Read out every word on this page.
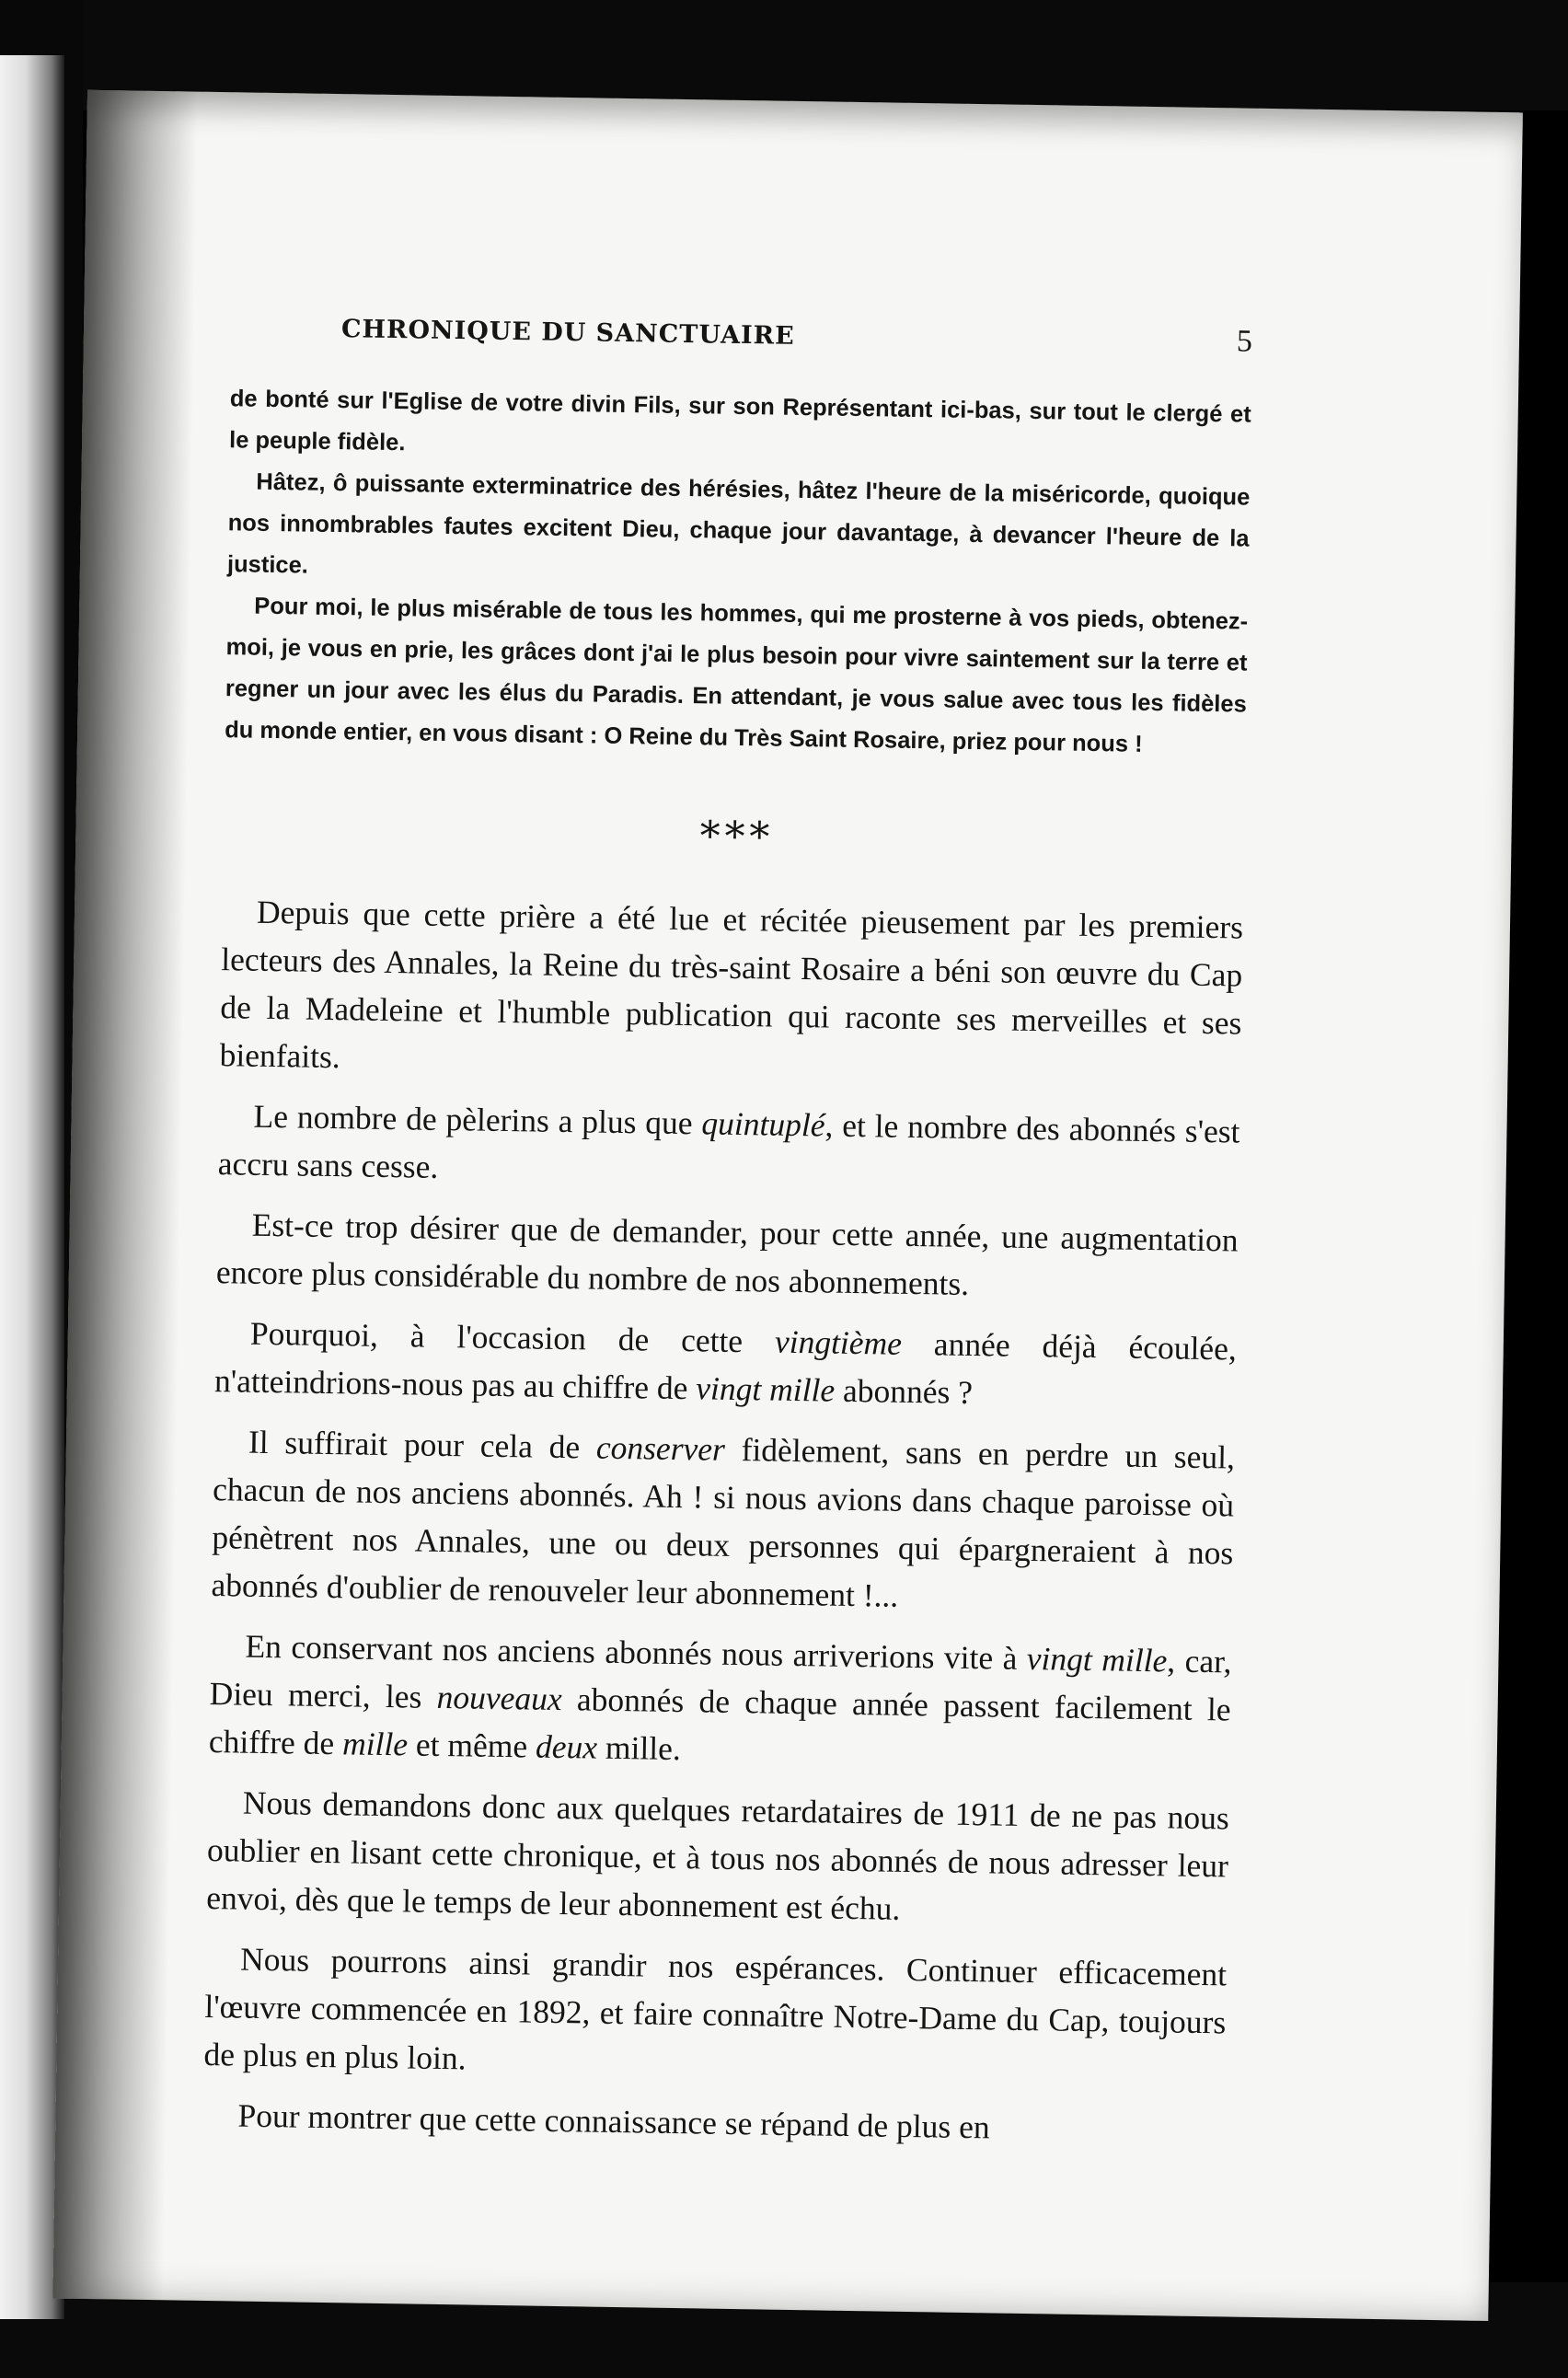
CHRONIQUE DU SANCTUAIRE	5

de bonté sur l'Eglise de votre divin Fils, sur son Représentant ici-bas, sur tout le clergé et le peuple fidèle.

Hâtez, ô puissante exterminatrice des hérésies, hâtez l'heure de la miséricorde, quoique nos innombrables fautes excitent Dieu, chaque jour davantage, à devancer l'heure de la justice.

Pour moi, le plus misérable de tous les hommes, qui me prosterne à vos pieds, obtenez-moi, je vous en prie, les grâces dont j'ai le plus besoin pour vivre saintement sur la terre et regner un jour avec les élus du Paradis. En attendant, je vous salue avec tous les fidèles du monde entier, en vous disant : O Reine du Très Saint Rosaire, priez pour nous !

* * *

Depuis que cette prière a été lue et récitée pieusement par les premiers lecteurs des Annales, la Reine du très-saint Rosaire a béni son œuvre du Cap de la Madeleine et l'humble publication qui raconte ses merveilles et ses bienfaits.

Le nombre de pèlerins a plus que quintuplé, et le nombre des abonnés s'est accru sans cesse.

Est-ce trop désirer que de demander, pour cette année, une augmentation encore plus considérable du nombre de nos abonnements.

Pourquoi, à l'occasion de cette vingtième année déjà écoulée, n'atteindrions-nous pas au chiffre de vingt mille abonnés ?

Il suffirait pour cela de conserver fidèlement, sans en perdre un seul, chacun de nos anciens abonnés. Ah ! si nous avions dans chaque paroisse où pénètrent nos Annales, une ou deux personnes qui épargneraient à nos abonnés d'oublier de renouveler leur abonnement !...

En conservant nos anciens abonnés nous arriverions vite à vingt mille, car, Dieu merci, les nouveaux abonnés de chaque année passent facilement le chiffre de mille et même deux mille.

Nous demandons donc aux quelques retardataires de 1911 de ne pas nous oublier en lisant cette chronique, et à tous nos abonnés de nous adresser leur envoi, dès que le temps de leur abonnement est échu.

Nous pourrons ainsi grandir nos espérances. Continuer efficacement l'œuvre commencée en 1892, et faire connaître Notre-Dame du Cap, toujours de plus en plus loin.

Pour montrer que cette connaissance se répand de plus en
